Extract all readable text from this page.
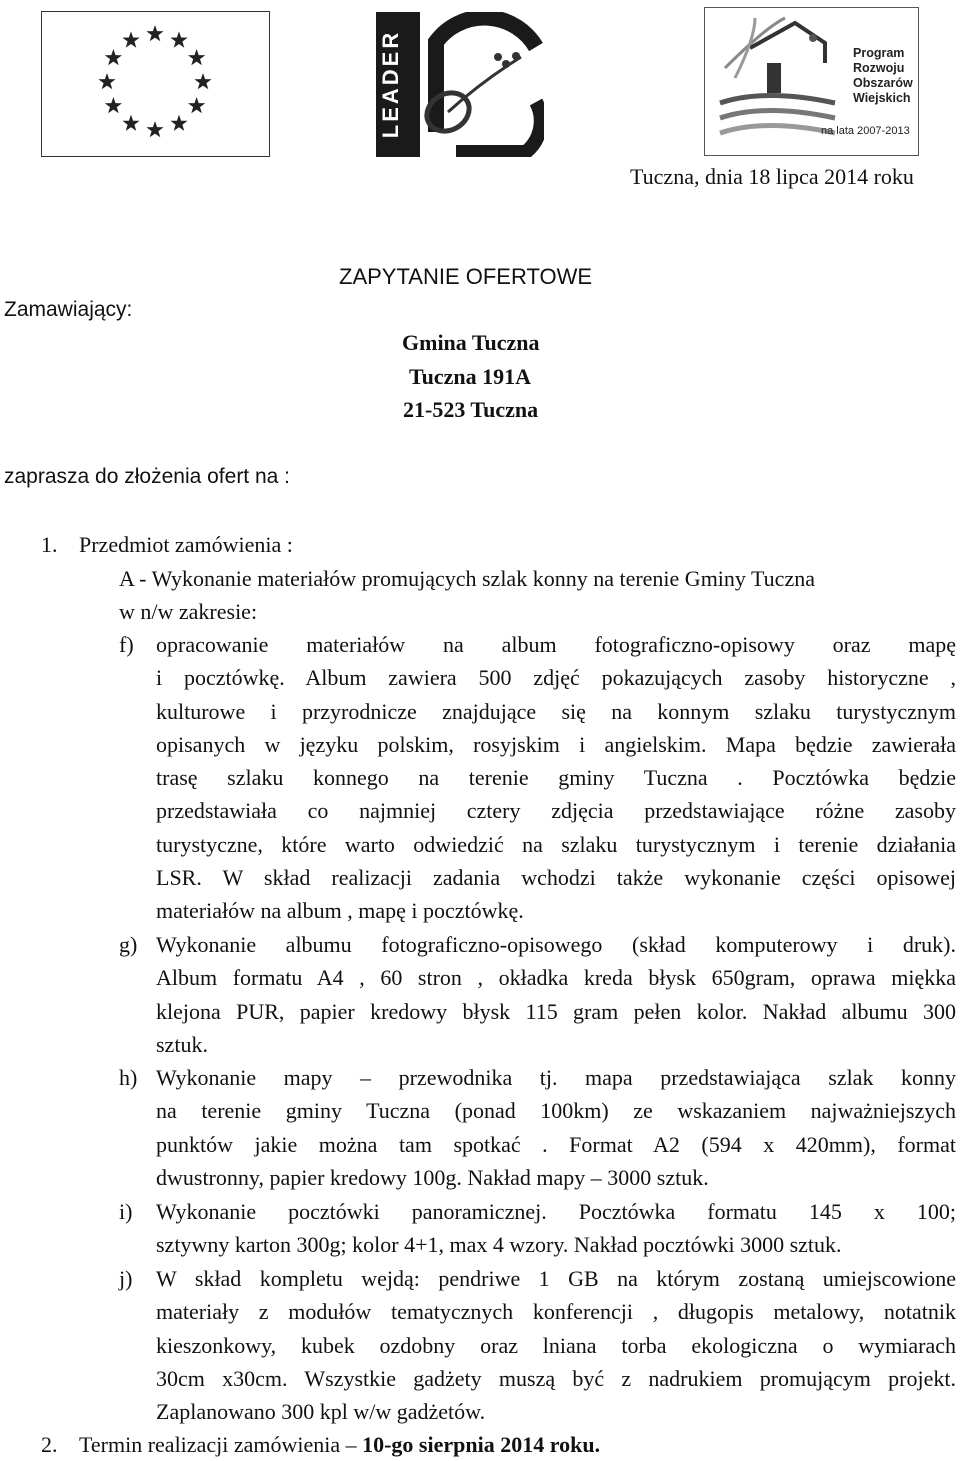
LEADER	Program
Rozwoju
Obszarów
Wiejskich
na lata 2007-2013
Tuczna, dnia 18 lipca 2014 roku
ZAPYTANIE OFERTOWE
Zamawiający:
Gmina Tuczna
Tuczna 191A
21-523 Tuczna
zaprasza do złożenia ofert na :
1. Przedmiot zamówienia :
A - Wykonanie materiałów promujących szlak konny na terenie Gminy Tuczna
w n/w zakresie:
f) opracowanie materiałów na album fotograficzno-opisowy oraz mapę
i pocztówkę. Album zawiera 500 zdjęć pokazujących zasoby historyczne ,
kulturowe i przyrodnicze znajdujące się na konnym szlaku turystycznym
opisanych w języku polskim, rosyjskim i angielskim. Mapa będzie zawierała
trasę szlaku konnego na terenie gminy Tuczna . Pocztówka będzie
przedstawiała co najmniej cztery zdjęcia przedstawiające różne zasoby
turystyczne, które warto odwiedzić na szlaku turystycznym i terenie działania
LSR. W skład realizacji zadania wchodzi także wykonanie części opisowej
materiałów na album , mapę i pocztówkę.
g) Wykonanie albumu fotograficzno-opisowego (skład komputerowy i druk).
Album formatu A4 , 60 stron , okładka kreda błysk 650gram, oprawa miękka
klejona PUR, papier kredowy błysk 115 gram pełen kolor. Nakład albumu 300
sztuk.
h) Wykonanie mapy – przewodnika tj. mapa przedstawiająca szlak konny
na terenie gminy Tuczna (ponad 100km) ze wskazaniem najważniejszych
punktów jakie można tam spotkać . Format A2 (594 x 420mm), format
dwustronny, papier kredowy 100g. Nakład mapy – 3000 sztuk.
i) Wykonanie pocztówki panoramicznej. Pocztówka formatu 145 x 100;
sztywny karton 300g; kolor 4+1, max 4 wzory. Nakład pocztówki 3000 sztuk.
j) W skład kompletu wejdą: pendriwe 1 GB na którym zostaną umiejscowione
materiały z modułów tematycznych konferencji , długopis metalowy, notatnik
kieszonkowy, kubek ozdobny oraz lniana torba ekologiczna o wymiarach
30cm x30cm. Wszystkie gadżety muszą być z nadrukiem promującym projekt.
Zaplanowano 300 kpl w/w gadżetów.
2. Termin realizacji zamówienia – 10-go sierpnia 2014 roku.
